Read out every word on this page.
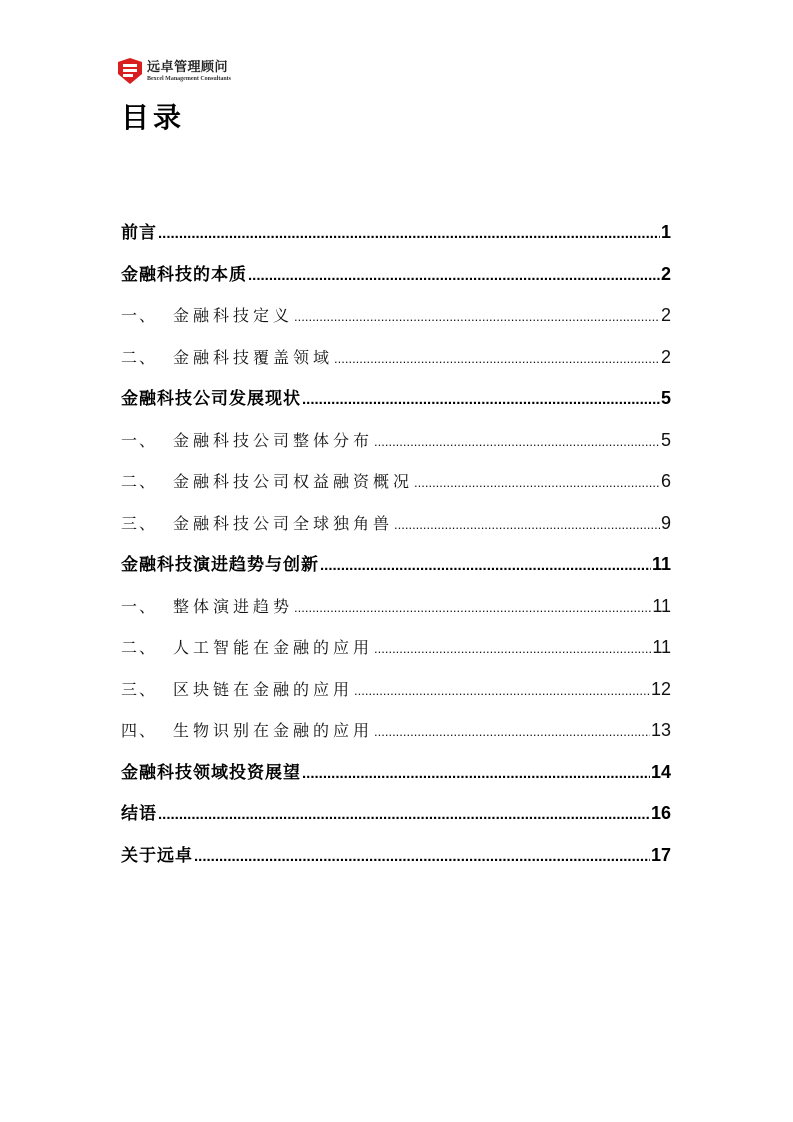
远卓管理顾问
Bexcel Management Consultants
目录
前言 .....	1
金融科技的本质 .....	2
一、 金融科技定义 .....	2
二、 金融科技覆盖领域 .....	2
金融科技公司发展现状 .....	5
一、 金融科技公司整体分布 .....	5
二、 金融科技公司权益融资概况 .....	6
三、 金融科技公司全球独角兽 .....	9
金融科技演进趋势与创新 .....	11
一、 整体演进趋势 .....	11
二、 人工智能在金融的应用 .....	11
三、 区块链在金融的应用 .....	12
四、 生物识别在金融的应用 .....	13
金融科技领域投资展望 .....	14
结语 .....	16
关于远卓 .....	17
